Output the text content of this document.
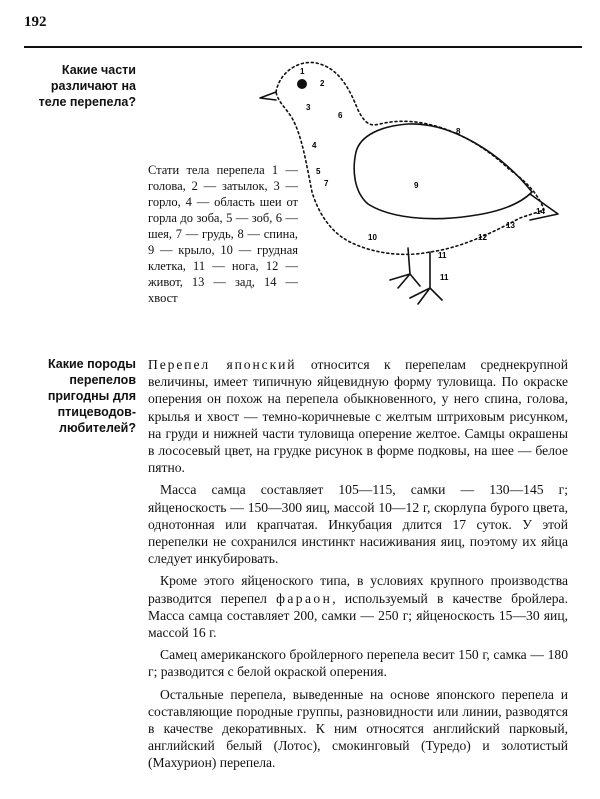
192
Какие части
различают на
теле перепела?
Стати тела перепела 1 — голова, 2 — затылок, 3 — горло, 4 — область шеи от горла до зоба, 5 — зоб, 6 — шея, 7 — грудь, 8 — спина, 9 — крыло, 10 — грудная клетка, 11 — нога, 12 — живот, 13 — зад, 14 — хвост
1
2
3
4
5
6
7
8
9
10
11
11
12
13
14
Какие породы
перепелов
пригодны для
птицеводов-
любителей?

Перепел японский относится к перепелам среднекрупной величины, имеет типичную яйцевидную форму туловища. По окраске оперения он похож на перепела обыкновенного, у него спина, голова, крылья и хвост — темно-коричневые с желтым штриховым рисунком, на груди и нижней части туловища оперение желтое. Самцы окрашены в лососевый цвет, на грудке рисунок в форме подковы, на шее — белое пятно.

Масса самца составляет 105—115, самки — 130—145 г; яйценоскость — 150—300 яиц, массой 10—12 г, скорлупа бурого цвета, однотонная или крапчатая. Инкубация длится 17 суток. У этой перепелки не сохранился инстинкт насиживания яиц, поэтому их яйца следует инкубировать.

Кроме этого яйценоского типа, в условиях крупного производства разводится перепел фараон, используемый в качестве бройлера. Масса самца составляет 200, самки — 250 г; яйценоскость 15—30 яиц, массой 16 г.

Самец американского бройлерного перепела весит 150 г, самка — 180 г; разводится с белой окраской оперения.

Остальные перепела, выведенные на основе японского перепела и составляющие породные группы, разновидности или линии, разводятся в качестве декоративных. К ним относятся английский парковый, английский белый (Лотос), смокинговый (Туредо) и золотистый (Махурион) перепела.
